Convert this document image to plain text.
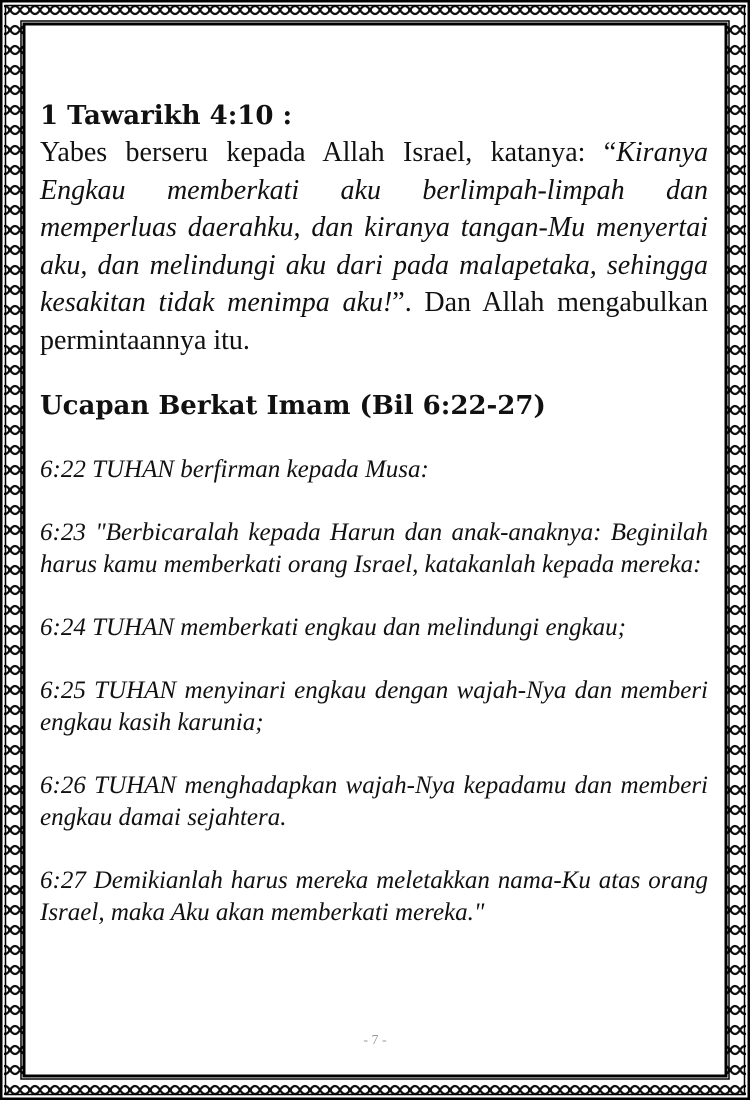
1 Tawarikh 4:10 :

Yabes berseru kepada Allah Israel, katanya: “Kiranya Engkau memberkati aku berlimpah-limpah dan memperluas daerahku, dan kiranya tangan-Mu menyertai aku, dan melindungi aku dari pada malapetaka, sehingga kesakitan tidak menimpa aku!”. Dan Allah mengabulkan permintaannya itu.

Ucapan Berkat Imam (Bil 6:22-27)

6:22 TUHAN berfirman kepada Musa:

6:23 "Berbicaralah kepada Harun dan anak-anaknya: Beginilah harus kamu memberkati orang Israel, katakanlah kepada mereka:

6:24 TUHAN memberkati engkau dan melindungi engkau;

6:25 TUHAN menyinari engkau dengan wajah-Nya dan memberi engkau kasih karunia;

6:26 TUHAN menghadapkan wajah-Nya kepadamu dan memberi engkau damai sejahtera.

6:27 Demikianlah harus mereka meletakkan nama-Ku atas orang Israel, maka Aku akan memberkati mereka."

- 7 -
